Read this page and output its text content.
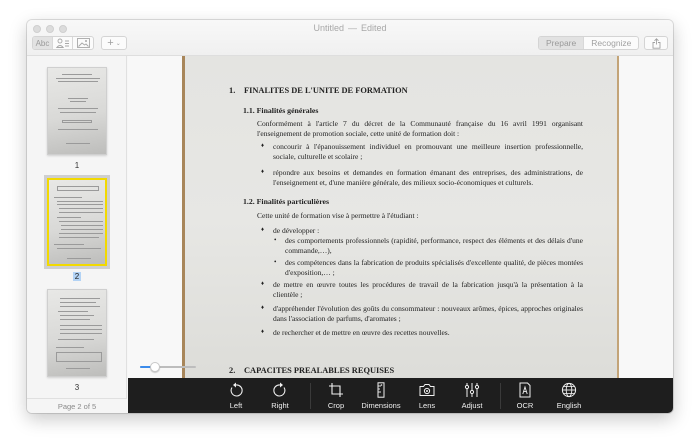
Untitled — Edited
Abc	+ ⌄	Prepare	Recognize
1
2
3
Page 2 of 5
1. FINALITES DE L'UNITE DE FORMATION
1.1. Finalités générales
Conformément à l'article 7 du décret de la Communauté française du 16 avril 1991 organisant l'enseignement de promotion sociale, cette unité de formation doit :
♦ concourir à l'épanouissement individuel en promouvant une meilleure insertion professionnelle, sociale, culturelle et scolaire ;
♦ répondre aux besoins et demandes en formation émanant des entreprises, des administrations, de l'enseignement et, d'une manière générale, des milieux socio-économiques et culturels.
1.2. Finalités particulières
Cette unité de formation vise à permettre à l'étudiant :
♦ de développer :
• des comportements professionnels (rapidité, performance, respect des éléments et des délais d'une commande,…),
• des compétences dans la fabrication de produits spécialisés d'excellente qualité, de pièces montées d'exposition,… ;
♦ de mettre en œuvre toutes les procédures de travail de la fabrication jusqu'à la présentation à la clientèle ;
♦ d'appréhender l'évolution des goûts du consommateur : nouveaux arômes, épices, approches originales dans l'association de parfums, d'aromates ;
♦ de rechercher et de mettre en œuvre des recettes nouvelles.
2. CAPACITES PREALABLES REQUISES
Left	Right	Crop	Dimensions	Lens	Adjust	OCR	English
